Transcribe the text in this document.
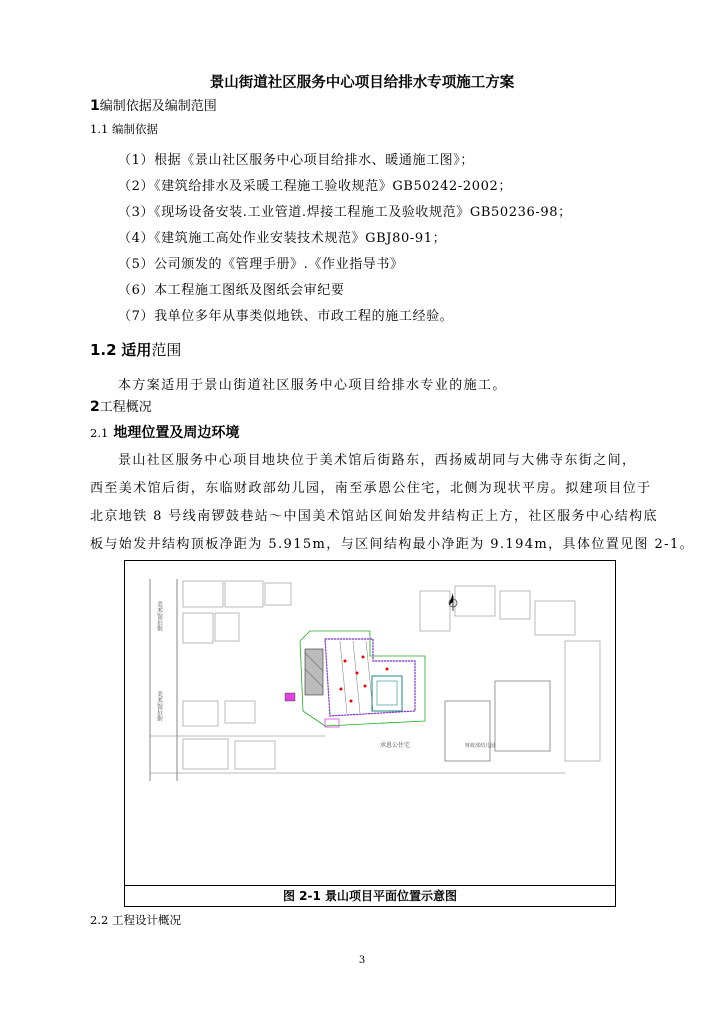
景山街道社区服务中心项目给排水专项施工方案
1编制依据及编制范围
1.1 编制依据
（1）根据《景山社区服务中心项目给排水、暖通施工图》；
（2）《建筑给排水及采暖工程施工验收规范》GB50242-2002；
（3）《现场设备安装.工业管道.焊接工程施工及验收规范》GB50236-98；
（4）《建筑施工高处作业安装技术规范》GBJ80-91；
（5）公司颁发的《管理手册》.《作业指导书》
（6）本工程施工图纸及图纸会审纪要
（7）我单位多年从事类似地铁、市政工程的施工经验。
1.2 适用范围
本方案适用于景山街道社区服务中心项目给排水专业的施工。
2工程概况
2.1 地理位置及周边环境
景山社区服务中心项目地块位于美术馆后街路东，西扬威胡同与大佛寺东街之间，
西至美术馆后街，东临财政部幼儿园，南至承恩公住宅，北侧为现状平房。拟建项目位于
北京地铁 8 号线南锣鼓巷站～中国美术馆站区间始发井结构正上方，社区服务中心结构底
板与始发井结构顶板净距为 5.915m，与区间结构最小净距为 9.194m，具体位置见图 2-1。
美术馆后街
美术馆后街
承恩公住宅	财政部幼儿园
图 2-1 景山项目平面位置示意图
2.2 工程设计概况
3
